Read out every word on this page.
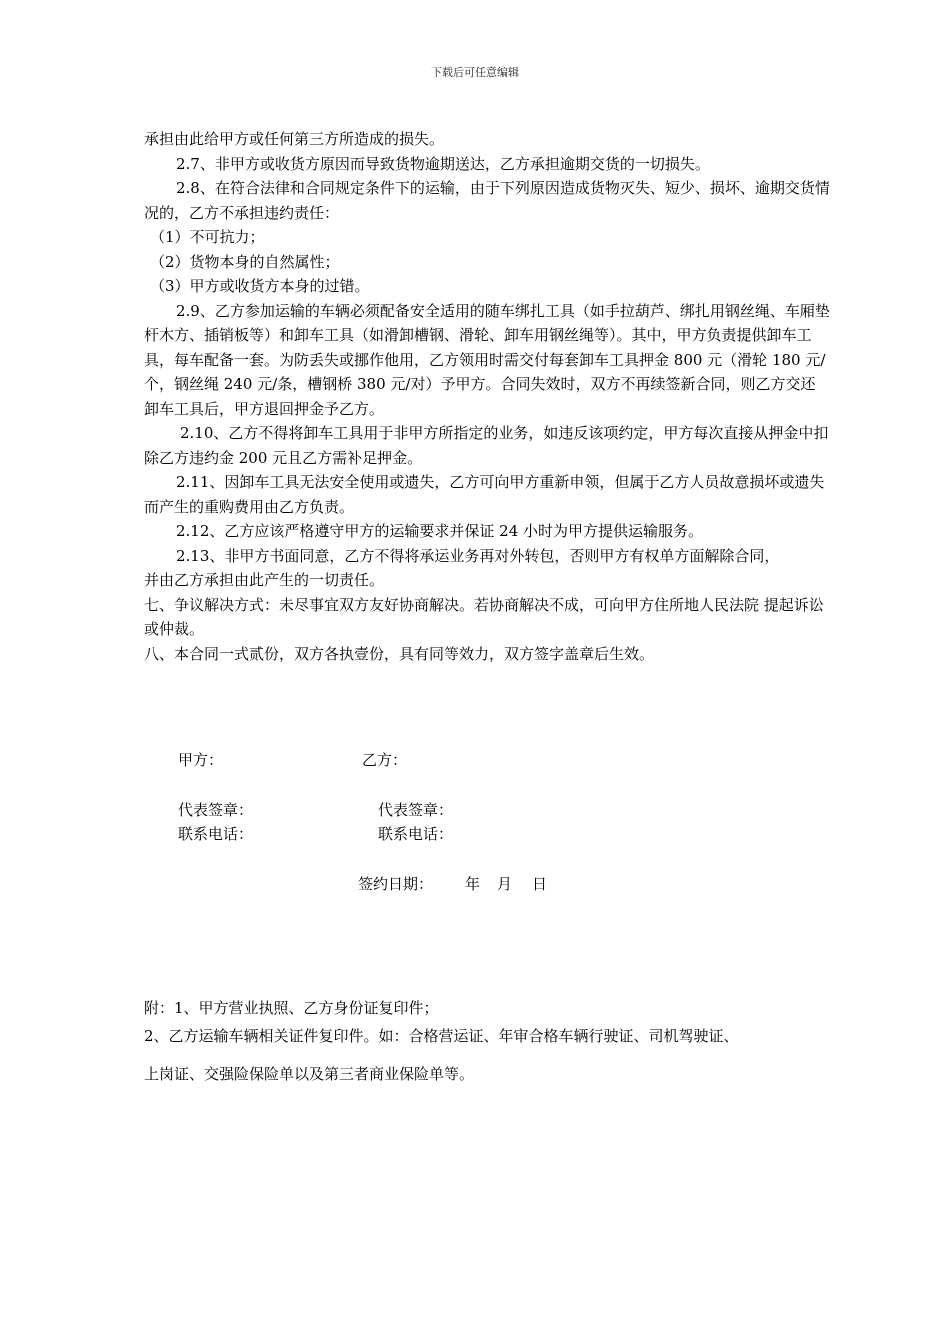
下载后可任意编辑

承担由此给甲方或任何第三方所造成的损失。

2.7、非甲方或收货方原因而导致货物逾期送达，乙方承担逾期交货的一切损失。

2.8、在符合法律和合同规定条件下的运输，由于下列原因造成货物灭失、短少、损坏、逾期交货情况的，乙方不承担违约责任：

（1）不可抗力；

（2）货物本身的自然属性；

（3）甲方或收货方本身的过错。

2.9、乙方参加运输的车辆必须配备安全适用的随车绑扎工具（如手拉葫芦、绑扎用钢丝绳、车厢垫杆木方、插销板等）和卸车工具（如滑卸槽钢、滑轮、卸车用钢丝绳等）。其中，甲方负责提供卸车工具，每车配备一套。为防丢失或挪作他用，乙方领用时需交付每套卸车工具押金 800 元（滑轮 180 元/个，钢丝绳 240 元/条，槽钢桥 380 元/对）予甲方。合同失效时，双方不再续签新合同，则乙方交还卸车工具后，甲方退回押金予乙方。

2.10、乙方不得将卸车工具用于非甲方所指定的业务，如违反该项约定，甲方每次直接从押金中扣除乙方违约金 200 元且乙方需补足押金。

2.11、因卸车工具无法安全使用或遗失，乙方可向甲方重新申领，但属于乙方人员故意损坏或遗失而产生的重购费用由乙方负责。

2.12、乙方应该严格遵守甲方的运输要求并保证 24 小时为甲方提供运输服务。

2.13、非甲方书面同意，乙方不得将承运业务再对外转包，否则甲方有权单方面解除合同，并由乙方承担由此产生的一切责任。

七、争议解决方式：未尽事宜双方友好协商解决。若协商解决不成，可向甲方住所地人民法院 提起诉讼或仲裁。

八、本合同一式贰份，双方各执壹份，具有同等效力，双方签字盖章后生效。

甲方：	乙方：
代表签章：	代表签章：
联系电话：	联系电话：
签约日期： 年 月 日

附：1、甲方营业执照、乙方身份证复印件；

2、乙方运输车辆相关证件复印件。如：合格营运证、年审合格车辆行驶证、司机驾驶证、

上岗证、交强险保险单以及第三者商业保险单等。
